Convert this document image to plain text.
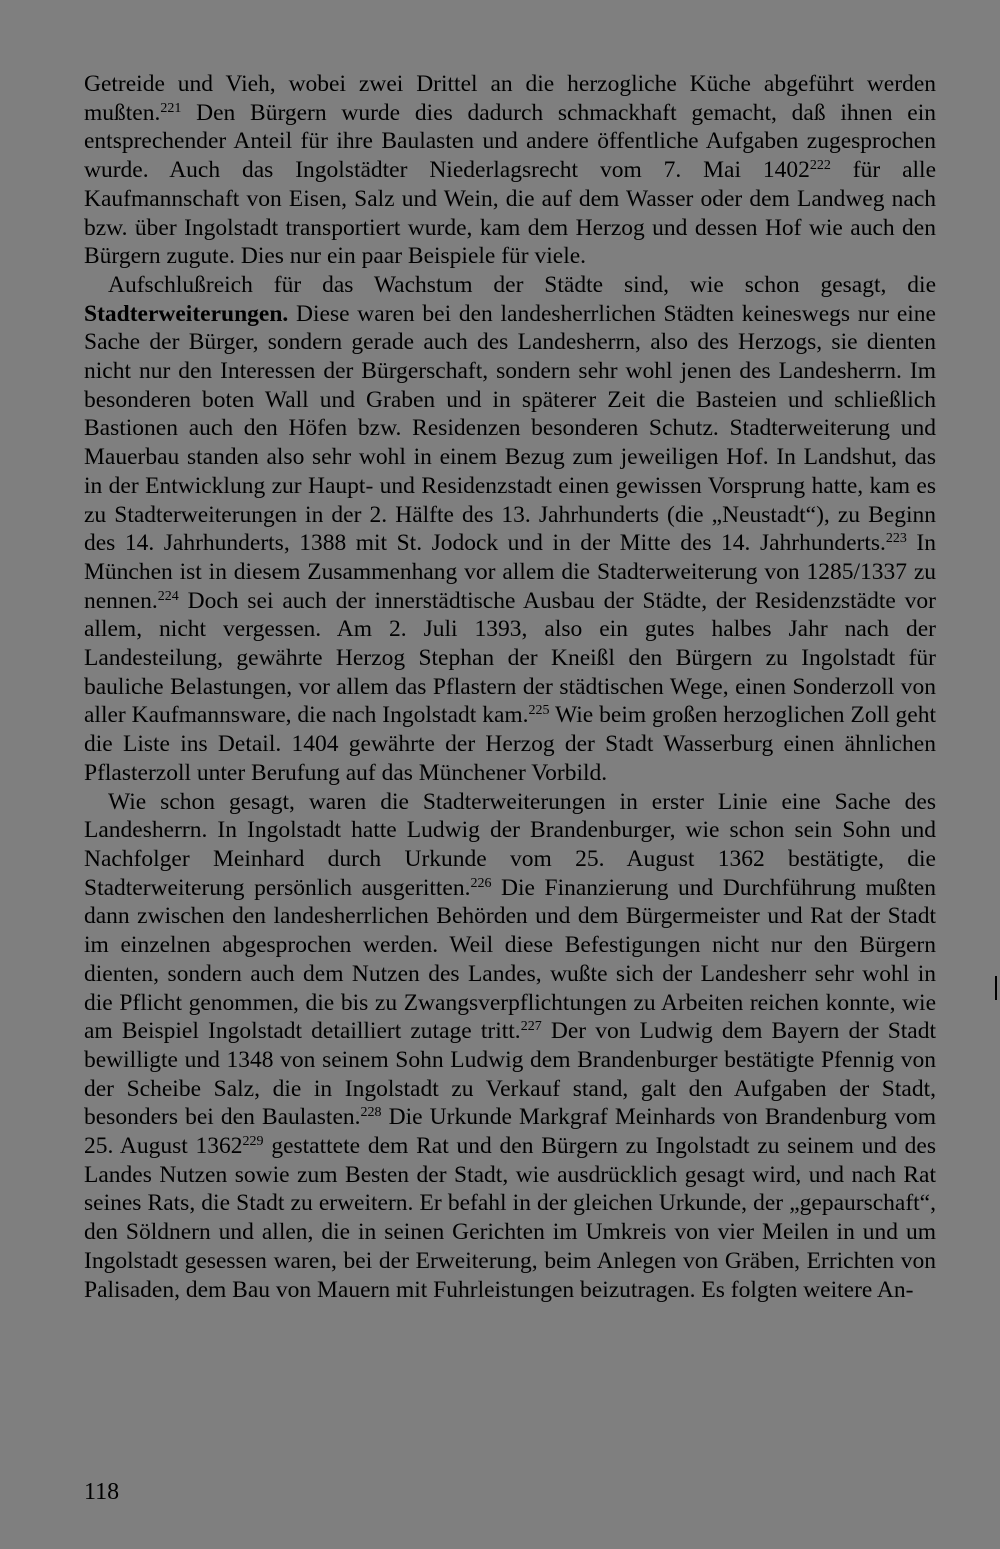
Getreide und Vieh, wobei zwei Drittel an die herzogliche Küche abgeführt werden mußten.$^{221}$ Den Bürgern wurde dies dadurch schmackhaft gemacht, daß ihnen ein entsprechender Anteil für ihre Baulasten und andere öffentliche Aufgaben zugesprochen wurde. Auch das Ingolstädter Niederlagsrecht vom 7. Mai 1402$^{222}$ für alle Kaufmannschaft von Eisen, Salz und Wein, die auf dem Wasser oder dem Landweg nach bzw. über Ingolstadt transportiert wurde, kam dem Herzog und dessen Hof wie auch den Bürgern zugute. Dies nur ein paar Beispiele für viele.

Aufschlußreich für das Wachstum der Städte sind, wie schon gesagt, die Stadterweiterungen. Diese waren bei den landesherrlichen Städten keineswegs nur eine Sache der Bürger, sondern gerade auch des Landesherrn, also des Herzogs, sie dienten nicht nur den Interessen der Bürgerschaft, sondern sehr wohl jenen des Landesherrn. Im besonderen boten Wall und Graben und in späterer Zeit die Basteien und schließlich Bastionen auch den Höfen bzw. Residenzen besonderen Schutz. Stadterweiterung und Mauerbau standen also sehr wohl in einem Bezug zum jeweiligen Hof. In Landshut, das in der Entwicklung zur Haupt- und Residenzstadt einen gewissen Vorsprung hatte, kam es zu Stadterweiterungen in der 2. Hälfte des 13. Jahrhunderts (die „Neustadt“), zu Beginn des 14. Jahrhunderts, 1388 mit St. Jodock und in der Mitte des 14. Jahrhunderts.$^{223}$ In München ist in diesem Zusammenhang vor allem die Stadterweiterung von 1285/1337 zu nennen.$^{224}$ Doch sei auch der innerstädtische Ausbau der Städte, der Residenzstädte vor allem, nicht vergessen. Am 2. Juli 1393, also ein gutes halbes Jahr nach der Landesteilung, gewährte Herzog Stephan der Kneißl den Bürgern zu Ingolstadt für bauliche Belastungen, vor allem das Pflastern der städtischen Wege, einen Sonderzoll von aller Kaufmannsware, die nach Ingolstadt kam.$^{225}$ Wie beim großen herzoglichen Zoll geht die Liste ins Detail. 1404 gewährte der Herzog der Stadt Wasserburg einen ähnlichen Pflasterzoll unter Berufung auf das Münchener Vorbild.

Wie schon gesagt, waren die Stadterweiterungen in erster Linie eine Sache des Landesherrn. In Ingolstadt hatte Ludwig der Brandenburger, wie schon sein Sohn und Nachfolger Meinhard durch Urkunde vom 25. August 1362 bestätigte, die Stadterweiterung persönlich ausgeritten.$^{226}$ Die Finanzierung und Durchführung mußten dann zwischen den landesherrlichen Behörden und dem Bürgermeister und Rat der Stadt im einzelnen abgesprochen werden. Weil diese Befestigungen nicht nur den Bürgern dienten, sondern auch dem Nutzen des Landes, wußte sich der Landesherr sehr wohl in die Pflicht genommen, die bis zu Zwangsverpflichtungen zu Arbeiten reichen konnte, wie am Beispiel Ingolstadt detailliert zutage tritt.$^{227}$ Der von Ludwig dem Bayern der Stadt bewilligte und 1348 von seinem Sohn Ludwig dem Brandenburger bestätigte Pfennig von der Scheibe Salz, die in Ingolstadt zu Verkauf stand, galt den Aufgaben der Stadt, besonders bei den Baulasten.$^{228}$ Die Urkunde Markgraf Meinhards von Brandenburg vom 25. August 1362$^{229}$ gestattete dem Rat und den Bürgern zu Ingolstadt zu seinem und des Landes Nutzen sowie zum Besten der Stadt, wie ausdrücklich gesagt wird, und nach Rat seines Rats, die Stadt zu erweitern. Er befahl in der gleichen Urkunde, der „gepaurschaft“, den Söldnern und allen, die in seinen Gerichten im Umkreis von vier Meilen in und um Ingolstadt gesessen waren, bei der Erweiterung, beim Anlegen von Gräben, Errichten von Palisaden, dem Bau von Mauern mit Fuhrleistungen beizutragen. Es folgten weitere An-

118
